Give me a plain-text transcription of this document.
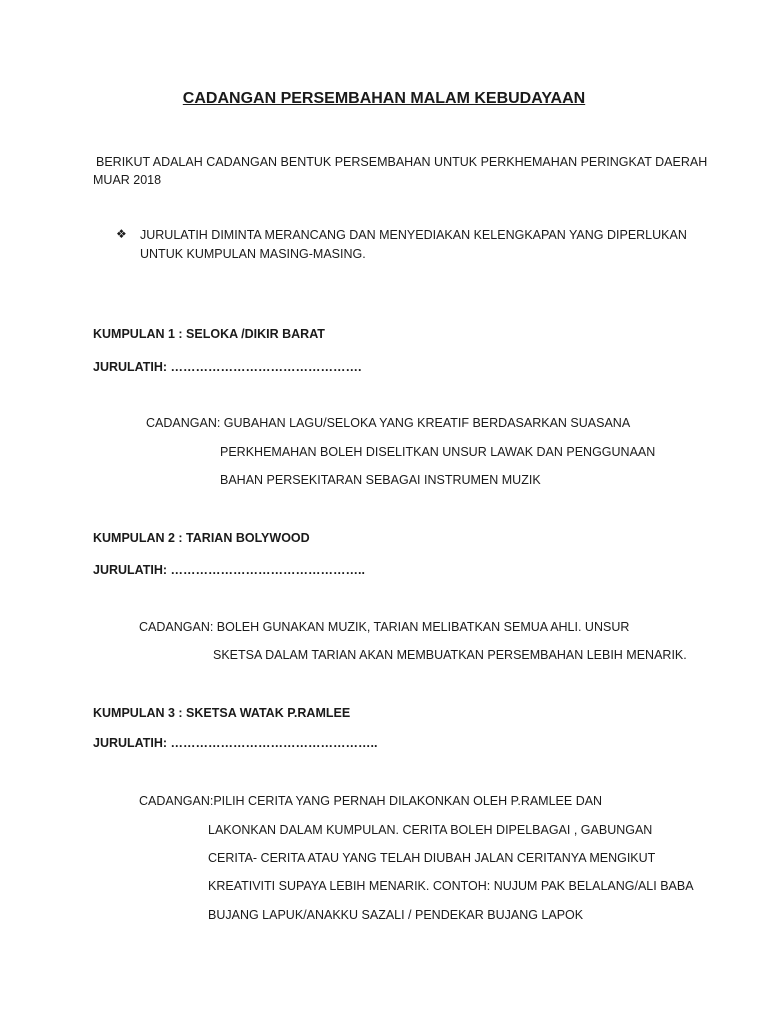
CADANGAN PERSEMBAHAN MALAM KEBUDAYAAN
BERIKUT ADALAH CADANGAN BENTUK PERSEMBAHAN UNTUK PERKHEMAHAN PERINGKAT DAERAH
MUAR 2018
❖ JURULATIH DIMINTA MERANCANG DAN MENYEDIAKAN KELENGKAPAN YANG DIPERLUKAN
UNTUK KUMPULAN MASING-MASING.
KUMPULAN 1 : SELOKA /DIKIR BARAT
JURULATIH: ……………………………………….
CADANGAN: GUBAHAN LAGU/SELOKA YANG KREATIF BERDASARKAN SUASANA
PERKHEMAHAN BOLEH DISELITKAN UNSUR LAWAK DAN PENGGUNAAN
BAHAN PERSEKITARAN SEBAGAI INSTRUMEN MUZIK
KUMPULAN 2 : TARIAN BOLYWOOD
JURULATIH: ………………………………………..
CADANGAN: BOLEH GUNAKAN MUZIK, TARIAN MELIBATKAN SEMUA AHLI. UNSUR
SKETSA DALAM TARIAN AKAN MEMBUATKAN PERSEMBAHAN LEBIH MENARIK.
KUMPULAN 3 : SKETSA WATAK P.RAMLEE
JURULATIH: …………………………………………..
CADANGAN:PILIH CERITA YANG PERNAH DILAKONKAN OLEH P.RAMLEE DAN
LAKONKAN DALAM KUMPULAN. CERITA BOLEH DIPELBAGAI , GABUNGAN
CERITA- CERITA ATAU YANG TELAH DIUBAH JALAN CERITANYA MENGIKUT
KREATIVITI SUPAYA LEBIH MENARIK. CONTOH: NUJUM PAK BELALANG/ALI BABA
BUJANG LAPUK/ANAKKU SAZALI / PENDEKAR BUJANG LAPOK
